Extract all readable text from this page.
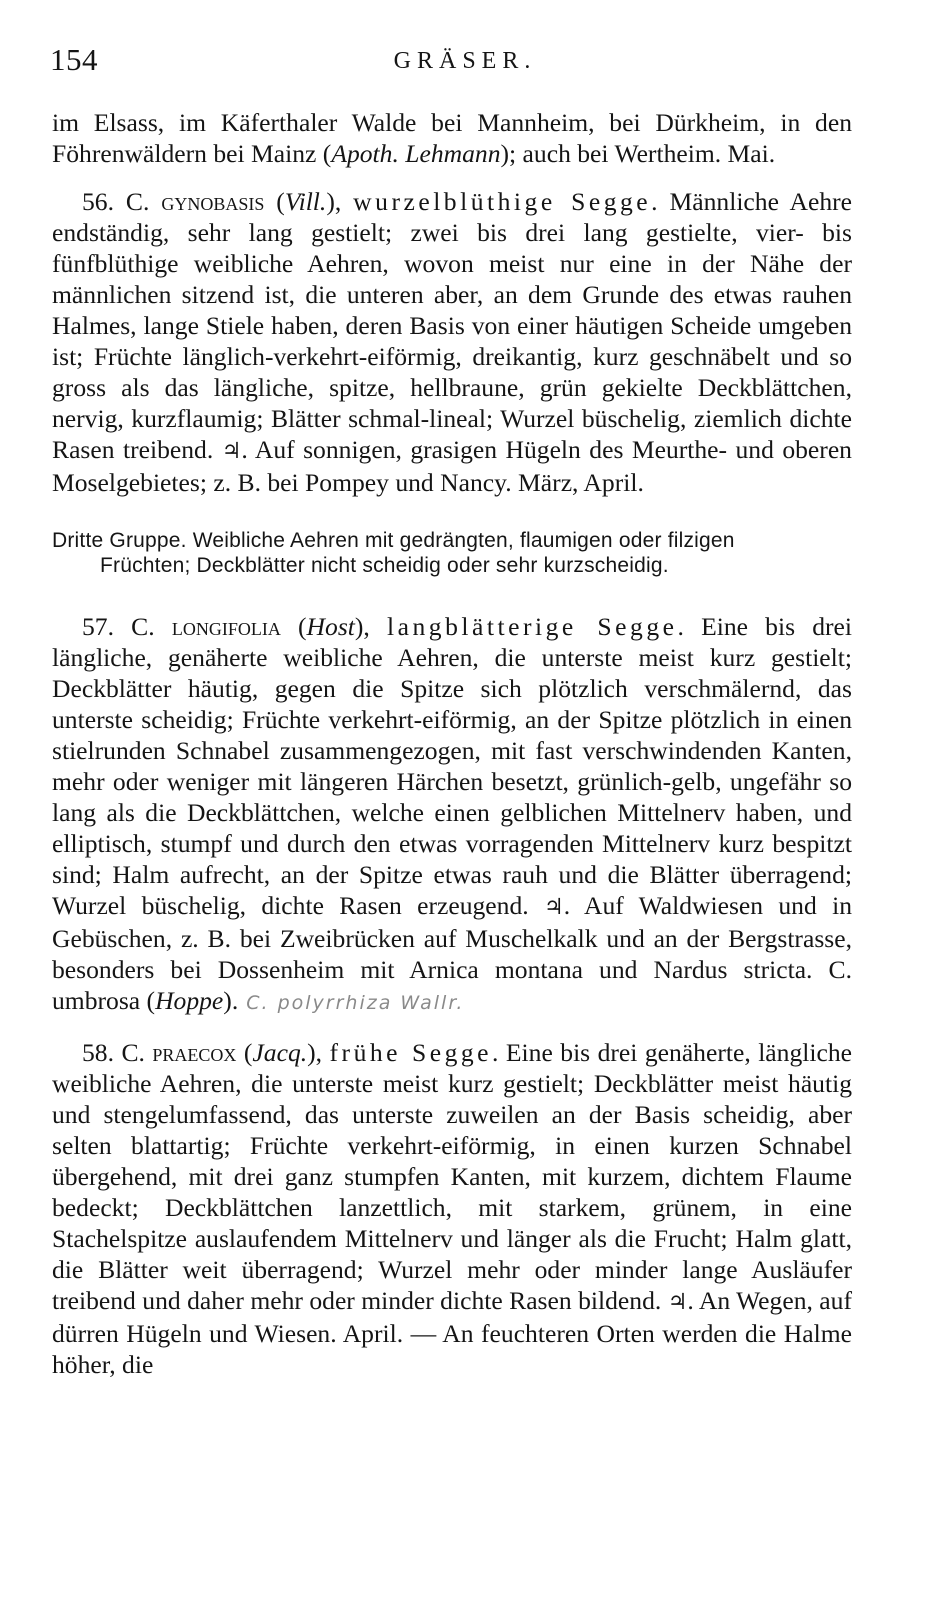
154	GRÄSER.

im Elsass, im Käferthaler Walde bei Mannheim, bei Dürkheim, in den Föhrenwäldern bei Mainz (Apoth. Lehmann); auch bei Wertheim. Mai.

56. C. gynobasis (Vill.), wurzelblüthige Segge. Männliche Aehre endständig, sehr lang gestielt; zwei bis drei lang gestielte, vier- bis fünfblüthige weibliche Aehren, wovon meist nur eine in der Nähe der männlichen sitzend ist, die unteren aber, an dem Grunde des etwas rauhen Halmes, lange Stiele haben, deren Basis von einer häutigen Scheide umgeben ist; Früchte länglich-verkehrt-eiförmig, dreikantig, kurz geschnäbelt und so gross als das längliche, spitze, hellbraune, grün gekielte Deckblättchen, nervig, kurzflaumig; Blätter schmal-lineal; Wurzel büschelig, ziemlich dichte Rasen treibend. ♃. Auf sonnigen, grasigen Hügeln des Meurthe- und oberen Moselgebietes; z. B. bei Pompey und Nancy. März, April.

Dritte Gruppe. Weibliche Aehren mit gedrängten, flaumigen oder filzigen
Früchten; Deckblätter nicht scheidig oder sehr kurzscheidig.

57. C. longifolia (Host), langblätterige Segge. Eine bis drei längliche, genäherte weibliche Aehren, die unterste meist kurz gestielt; Deckblätter häutig, gegen die Spitze sich plötzlich verschmälernd, das unterste scheidig; Früchte verkehrt-eiförmig, an der Spitze plötzlich in einen stielrunden Schnabel zusammengezogen, mit fast verschwindenden Kanten, mehr oder weniger mit längeren Härchen besetzt, grünlich-gelb, ungefähr so lang als die Deckblättchen, welche einen gelblichen Mittelnerv haben, und elliptisch, stumpf und durch den etwas vorragenden Mittelnerv kurz bespitzt sind; Halm aufrecht, an der Spitze etwas rauh und die Blätter überragend; Wurzel büschelig, dichte Rasen erzeugend. ♃. Auf Waldwiesen und in Gebüschen, z. B. bei Zweibrücken auf Muschelkalk und an der Bergstrasse, besonders bei Dossenheim mit Arnica montana und Nardus stricta. C. umbrosa (Hoppe). C. polyrrhiza Wallr.

58. C. praecox (Jacq.), frühe Segge. Eine bis drei genäherte, längliche weibliche Aehren, die unterste meist kurz gestielt; Deckblätter meist häutig und stengelumfassend, das unterste zuweilen an der Basis scheidig, aber selten blattartig; Früchte verkehrt-eiförmig, in einen kurzen Schnabel übergehend, mit drei ganz stumpfen Kanten, mit kurzem, dichtem Flaume bedeckt; Deckblättchen lanzettlich, mit starkem, grünem, in eine Stachelspitze auslaufendem Mittelnerv und länger als die Frucht; Halm glatt, die Blätter weit überragend; Wurzel mehr oder minder lange Ausläufer treibend und daher mehr oder minder dichte Rasen bildend. ♃. An Wegen, auf dürren Hügeln und Wiesen. April. — An feuchteren Orten werden die Halme höher, die
